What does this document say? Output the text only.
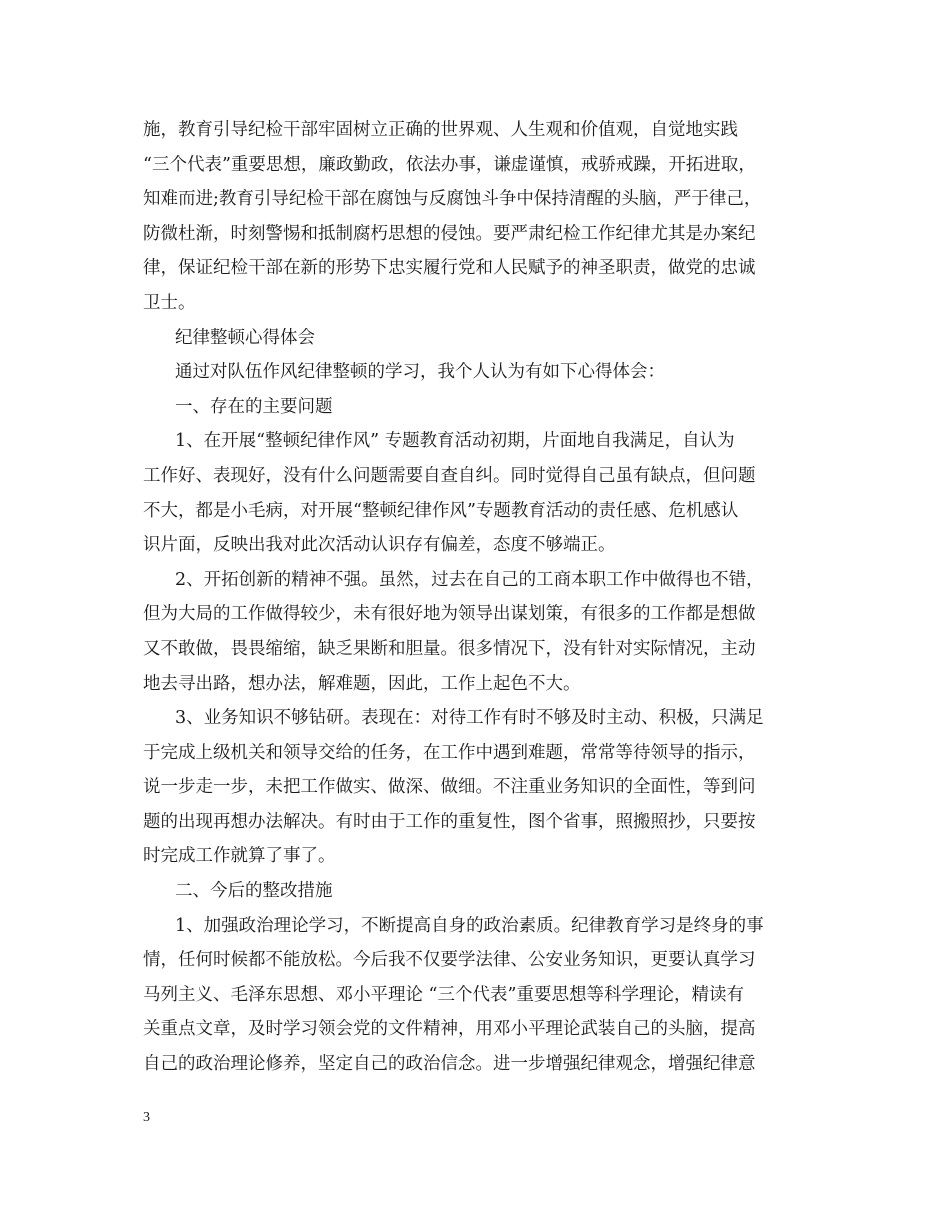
施，教育引导纪检干部牢固树立正确的世界观、人生观和价值观，自觉地实践
“三个代表”重要思想，廉政勤政，依法办事，谦虚谨慎，戒骄戒躁，开拓进取，
知难而进;教育引导纪检干部在腐蚀与反腐蚀斗争中保持清醒的头脑，严于律己，
防微杜渐，时刻警惕和抵制腐朽思想的侵蚀。要严肃纪检工作纪律尤其是办案纪
律，保证纪检干部在新的形势下忠实履行党和人民赋予的神圣职责，做党的忠诚
卫士。
纪律整顿心得体会
通过对队伍作风纪律整顿的学习，我个人认为有如下心得体会：
一、存在的主要问题
1、在开展“整顿纪律作风” 专题教育活动初期，片面地自我满足，自认为
工作好、表现好，没有什么问题需要自查自纠。同时觉得自己虽有缺点，但问题
不大，都是小毛病，对开展“整顿纪律作风”专题教育活动的责任感、危机感认
识片面，反映出我对此次活动认识存有偏差，态度不够端正。
2、开拓创新的精神不强。虽然，过去在自己的工商本职工作中做得也不错，
但为大局的工作做得较少，未有很好地为领导出谋划策，有很多的工作都是想做
又不敢做，畏畏缩缩，缺乏果断和胆量。很多情况下，没有针对实际情况，主动
地去寻出路，想办法，解难题，因此，工作上起色不大。
3、业务知识不够钻研。表现在：对待工作有时不够及时主动、积极，只满足
于完成上级机关和领导交给的任务，在工作中遇到难题，常常等待领导的指示，
说一步走一步，未把工作做实、做深、做细。不注重业务知识的全面性，等到问
题的出现再想办法解决。有时由于工作的重复性，图个省事，照搬照抄，只要按
时完成工作就算了事了。
二、今后的整改措施
1、加强政治理论学习，不断提高自身的政治素质。纪律教育学习是终身的事
情，任何时候都不能放松。今后我不仅要学法律、公安业务知识，更要认真学习
马列主义、毛泽东思想、邓小平理论 “三个代表”重要思想等科学理论，精读有
关重点文章，及时学习领会党的文件精神，用邓小平理论武装自己的头脑，提高
自己的政治理论修养，坚定自己的政治信念。进一步增强纪律观念，增强纪律意
3
